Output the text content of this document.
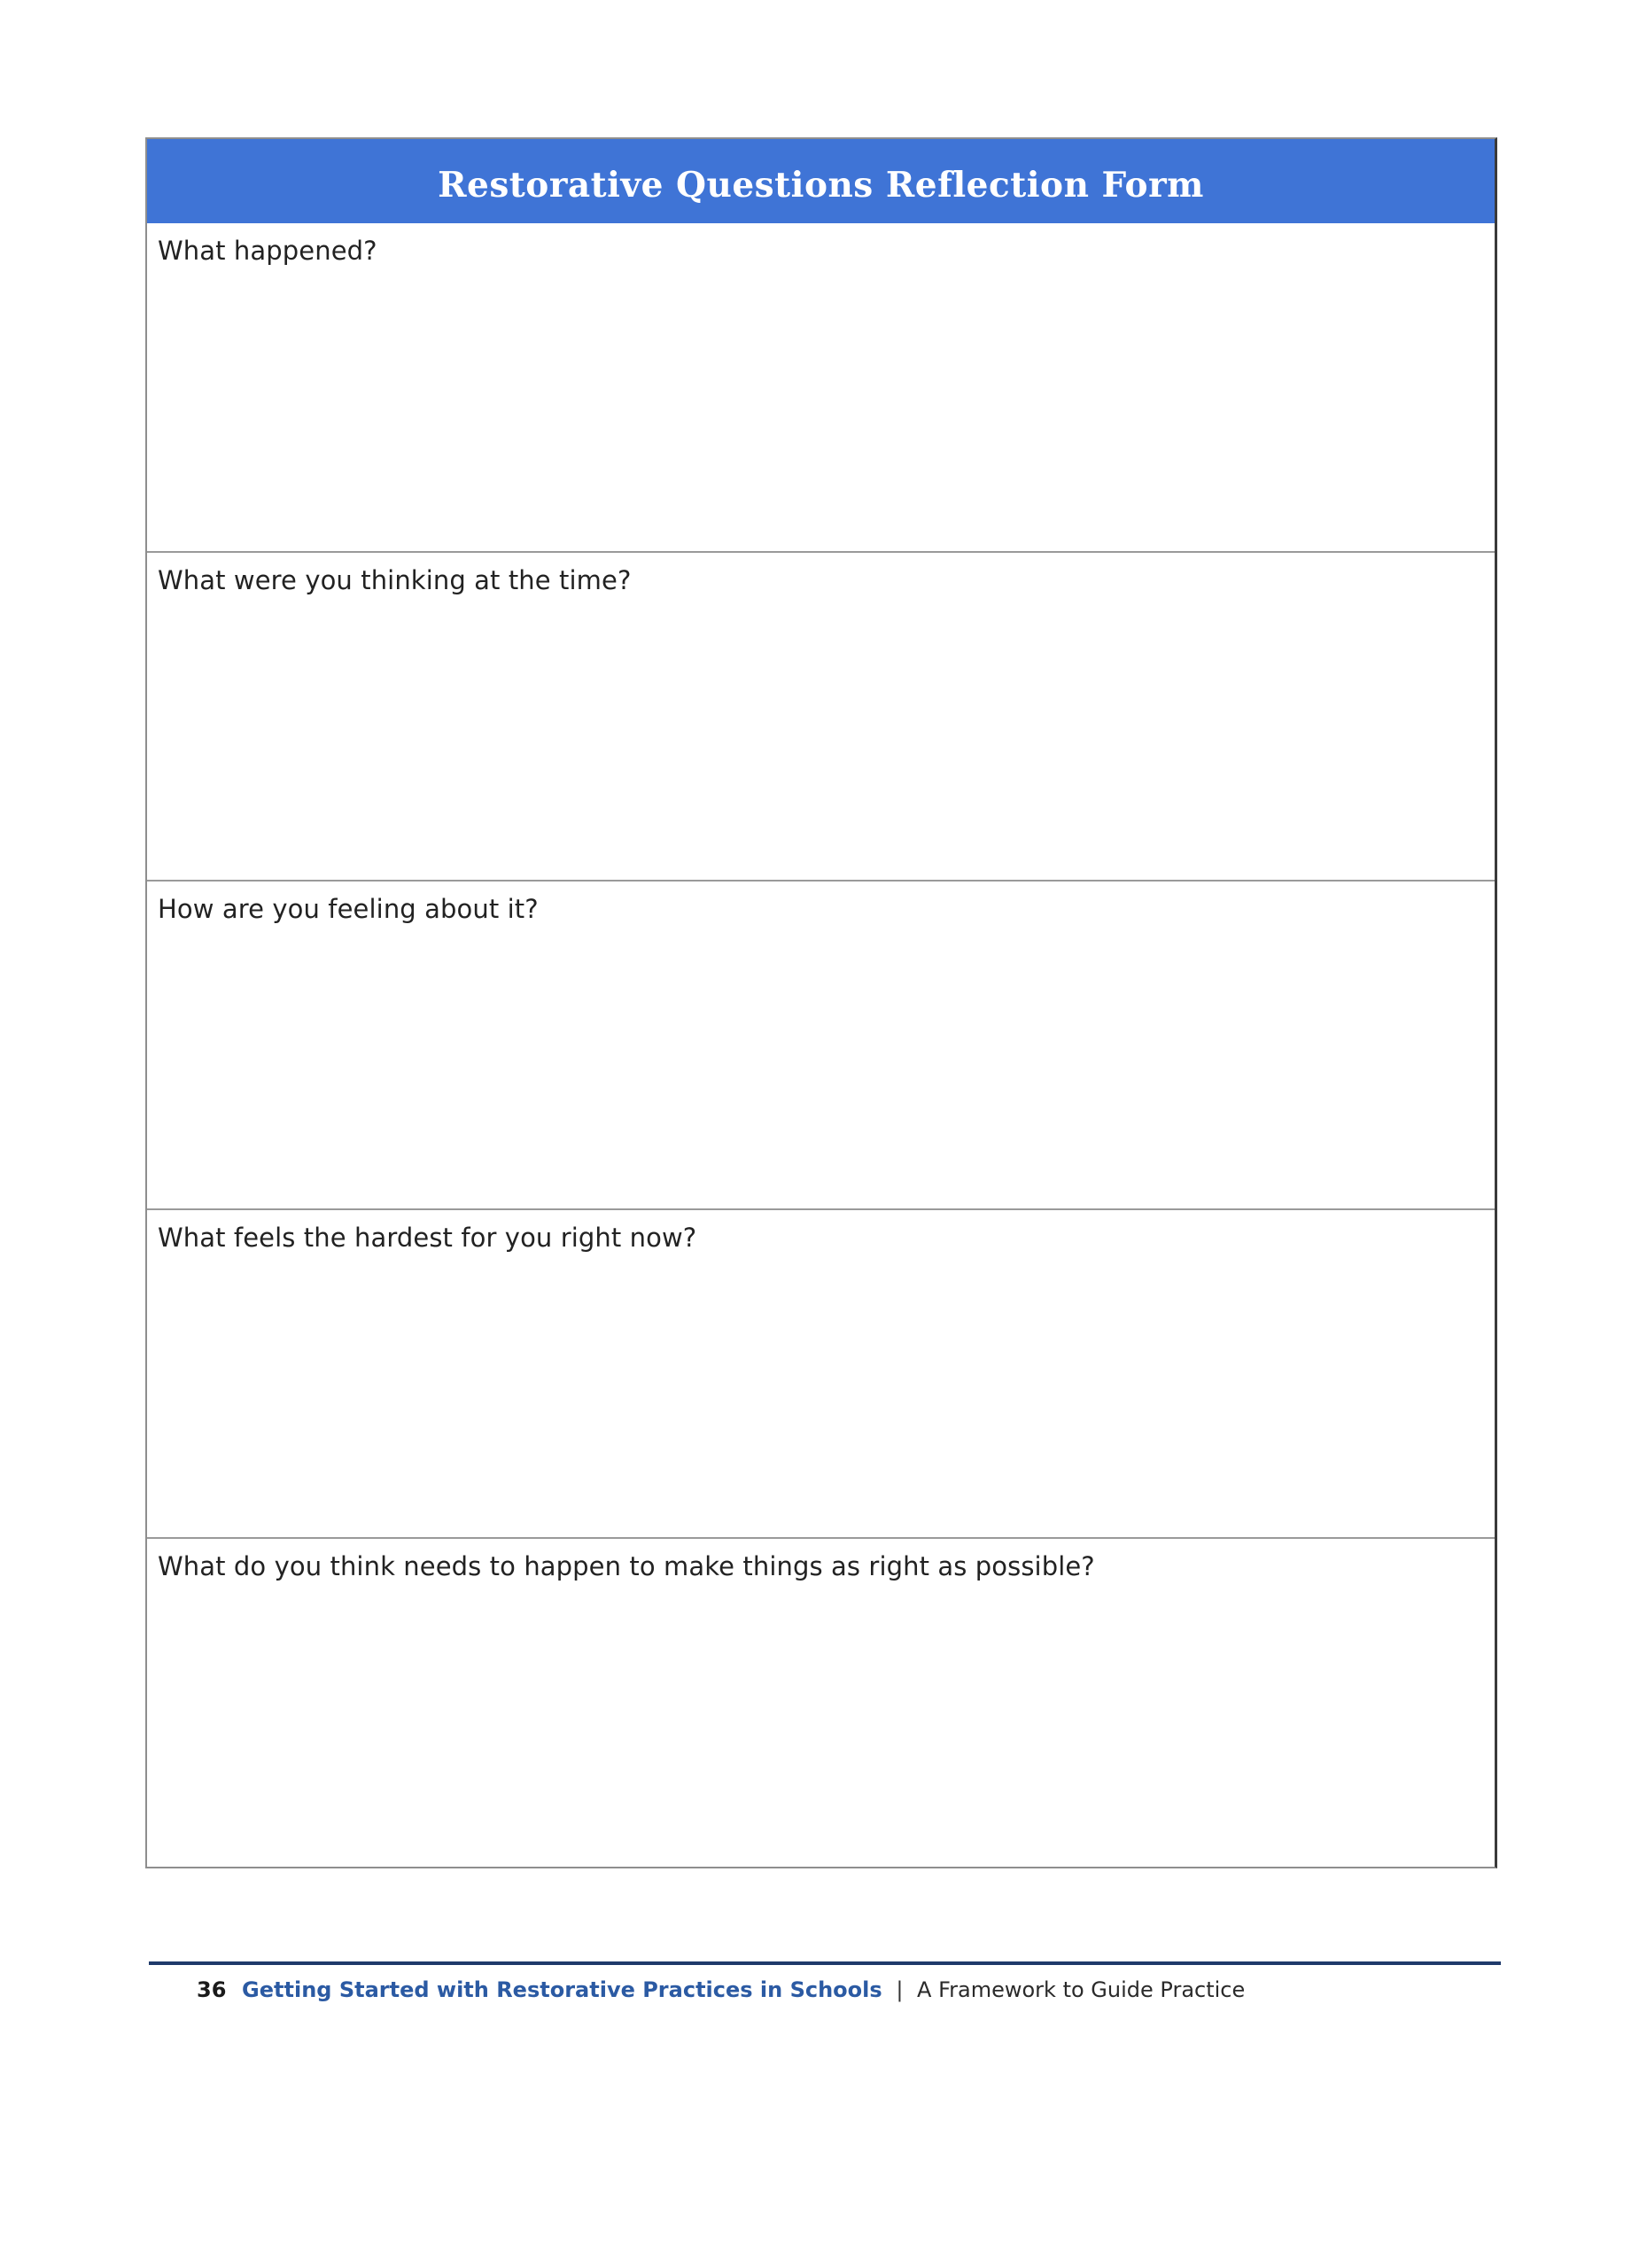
Restorative Questions Reflection Form
What happened?
What were you thinking at the time?
How are you feeling about it?
What feels the hardest for you right now?
What do you think needs to happen to make things as right as possible?
36 Getting Started with Restorative Practices in Schools | A Framework to Guide Practice
